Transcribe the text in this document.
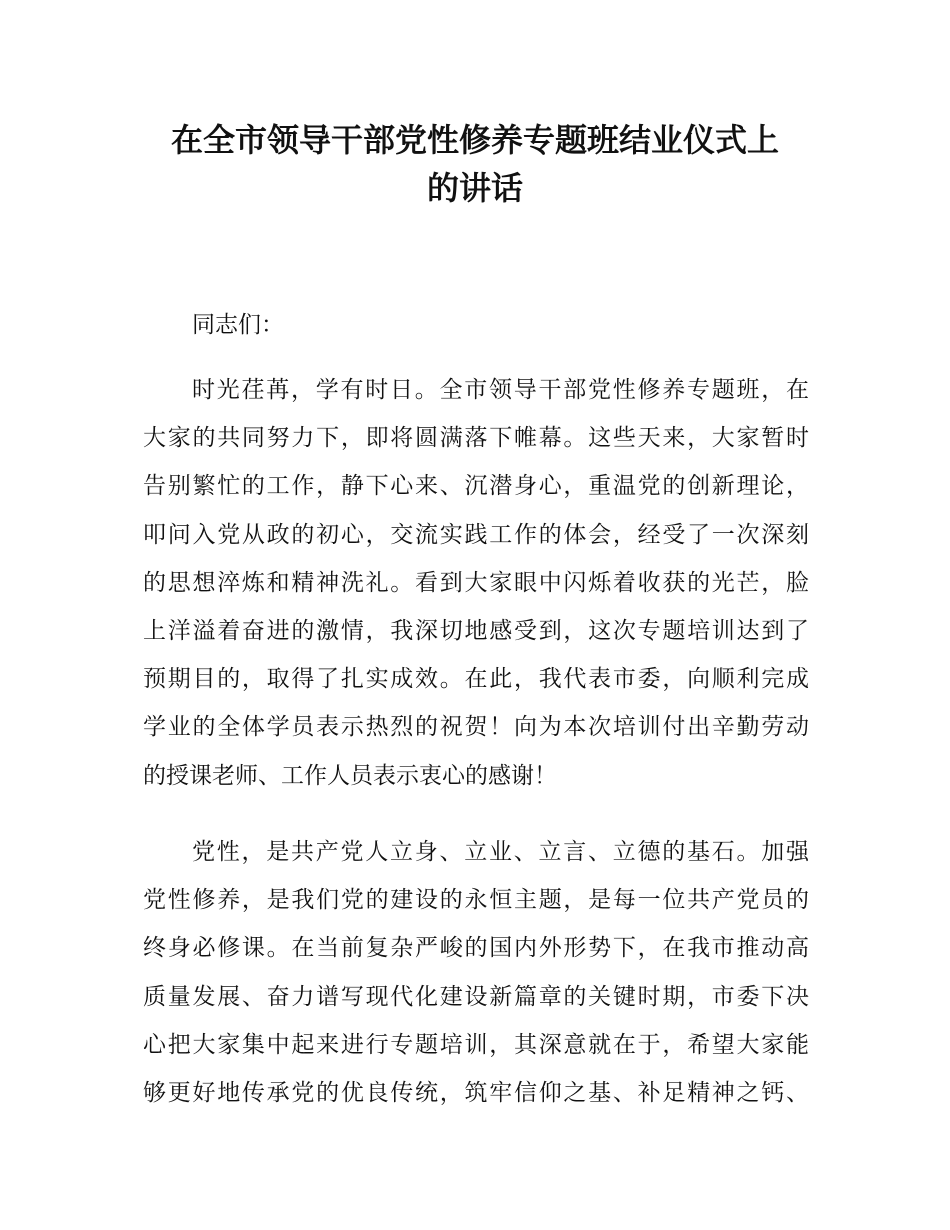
在全市领导干部党性修养专题班结业仪式上
的讲话
同志们：
时光荏苒，学有时日。全市领导干部党性修养专题班，在
大家的共同努力下，即将圆满落下帷幕。这些天来，大家暂时
告别繁忙的工作，静下心来、沉潜身心，重温党的创新理论，
叩问入党从政的初心，交流实践工作的体会，经受了一次深刻
的思想淬炼和精神洗礼。看到大家眼中闪烁着收获的光芒，脸
上洋溢着奋进的激情，我深切地感受到，这次专题培训达到了
预期目的，取得了扎实成效。在此，我代表市委，向顺利完成
学业的全体学员表示热烈的祝贺！向为本次培训付出辛勤劳动
的授课老师、工作人员表示衷心的感谢！
党性，是共产党人立身、立业、立言、立德的基石。加强
党性修养，是我们党的建设的永恒主题，是每一位共产党员的
终身必修课。在当前复杂严峻的国内外形势下，在我市推动高
质量发展、奋力谱写现代化建设新篇章的关键时期，市委下决
心把大家集中起来进行专题培训，其深意就在于，希望大家能
够更好地传承党的优良传统，筑牢信仰之基、补足精神之钙、
